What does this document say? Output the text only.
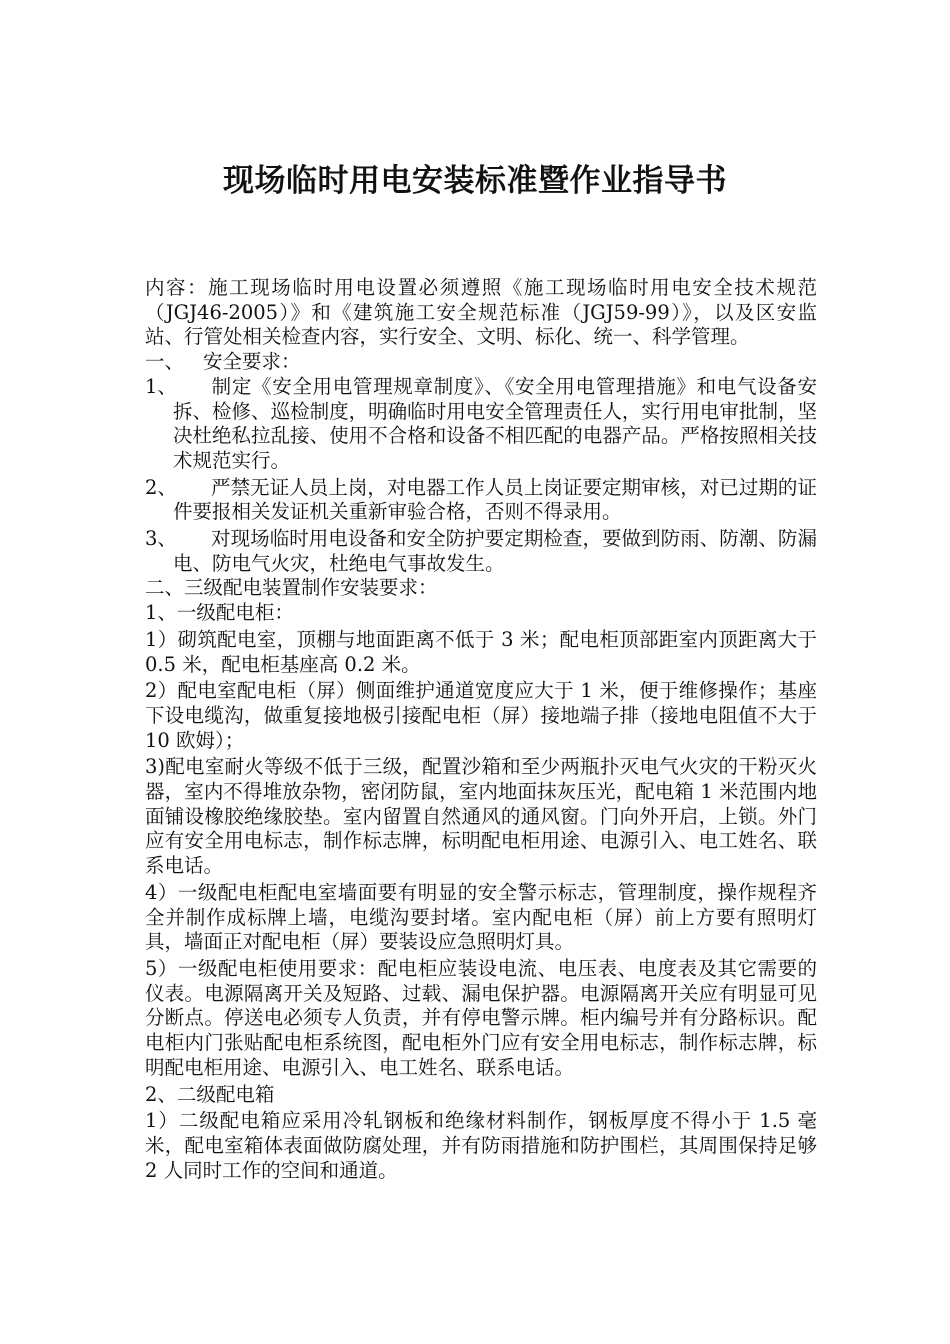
现场临时用电安装标准暨作业指导书

内容：施工现场临时用电设置必须遵照《施工现场临时用电安全技术规范（JGJ46-2005）》和《建筑施工安全规范标准（JGJ59-99）》，以及区安监站、行管处相关检查内容，实行安全、文明、标化、统一、科学管理。

一、 安全要求：

1、 制定《安全用电管理规章制度》、《安全用电管理措施》和电气设备安拆、检修、巡检制度，明确临时用电安全管理责任人，实行用电审批制，坚决杜绝私拉乱接、使用不合格和设备不相匹配的电器产品。严格按照相关技术规范实行。

2、 严禁无证人员上岗，对电器工作人员上岗证要定期审核，对已过期的证件要报相关发证机关重新审验合格，否则不得录用。

3、 对现场临时用电设备和安全防护要定期检查，要做到防雨、防潮、防漏电、防电气火灾，杜绝电气事故发生。

二、三级配电装置制作安装要求：

1、一级配电柜：

1）砌筑配电室，顶棚与地面距离不低于 3 米；配电柜顶部距室内顶距离大于 0.5 米，配电柜基座高 0.2 米。

2）配电室配电柜（屏）侧面维护通道宽度应大于 1 米，便于维修操作；基座下设电缆沟，做重复接地极引接配电柜（屏）接地端子排（接地电阻值不大于 10 欧姆）；

3)配电室耐火等级不低于三级，配置沙箱和至少两瓶扑灭电气火灾的干粉灭火器，室内不得堆放杂物，密闭防鼠，室内地面抹灰压光，配电箱 1 米范围内地面铺设橡胶绝缘胶垫。室内留置自然通风的通风窗。门向外开启，上锁。外门应有安全用电标志，制作标志牌，标明配电柜用途、电源引入、电工姓名、联系电话。

4）一级配电柜配电室墙面要有明显的安全警示标志，管理制度，操作规程齐全并制作成标牌上墙，电缆沟要封堵。室内配电柜（屏）前上方要有照明灯具，墙面正对配电柜（屏）要装设应急照明灯具。

5）一级配电柜使用要求：配电柜应装设电流、电压表、电度表及其它需要的仪表。电源隔离开关及短路、过载、漏电保护器。电源隔离开关应有明显可见分断点。停送电必须专人负责，并有停电警示牌。柜内编号并有分路标识。配电柜内门张贴配电柜系统图，配电柜外门应有安全用电标志，制作标志牌，标明配电柜用途、电源引入、电工姓名、联系电话。

2、二级配电箱

1）二级配电箱应采用冷轧钢板和绝缘材料制作，钢板厚度不得小于 1.5 毫米，配电室箱体表面做防腐处理，并有防雨措施和防护围栏，其周围保持足够 2 人同时工作的空间和通道。
